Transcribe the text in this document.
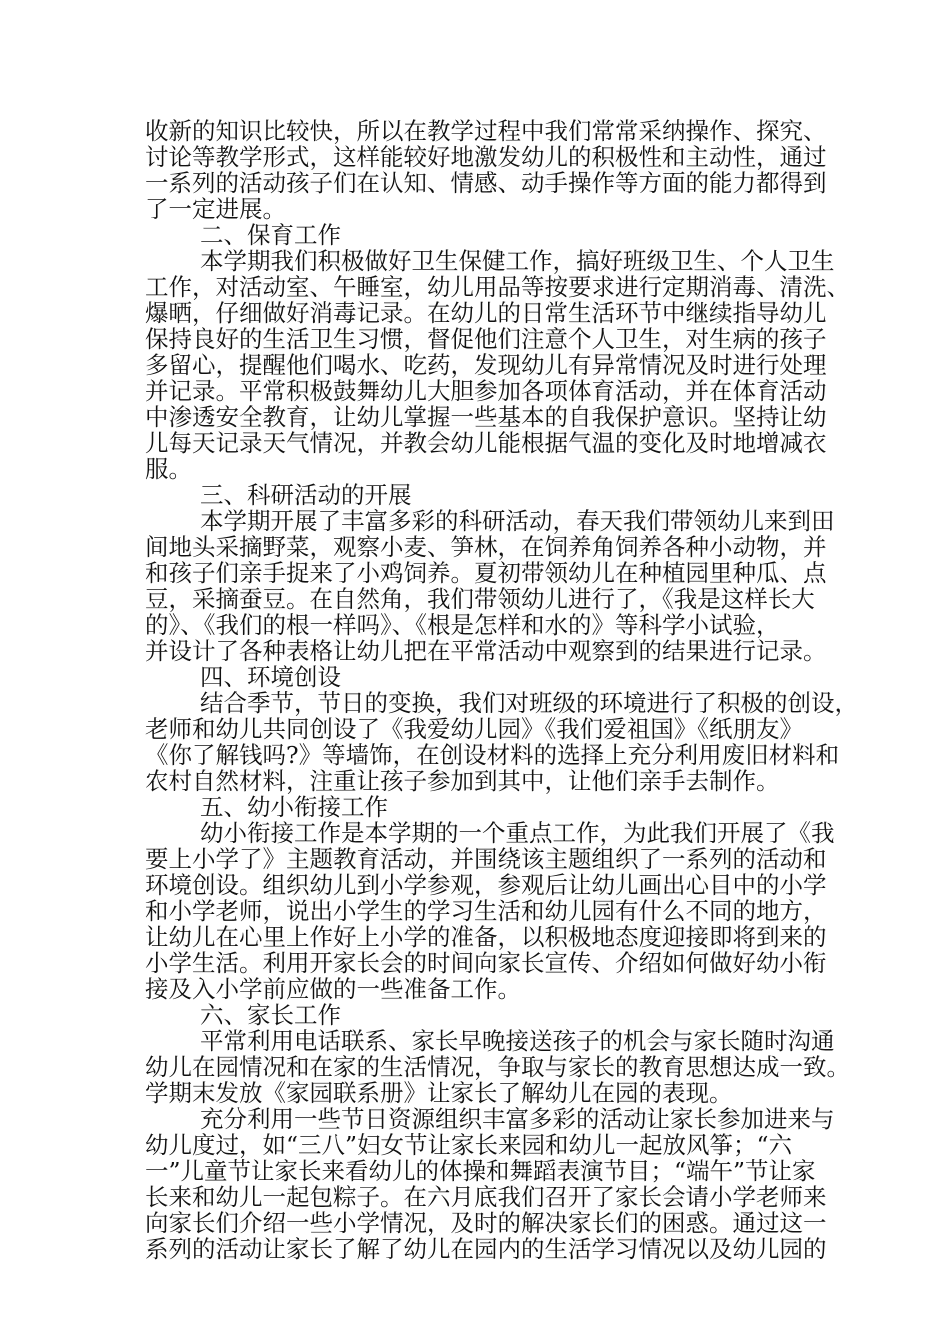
收新的知识比较快，所以在教学过程中我们常常采纳操作、探究、
讨论等教学形式，这样能较好地激发幼儿的积极性和主动性，通过
一系列的活动孩子们在认知、情感、动手操作等方面的能力都得到
了一定进展。
二、保育工作
本学期我们积极做好卫生保健工作，搞好班级卫生、个人卫生
工作，对活动室、午睡室，幼儿用品等按要求进行定期消毒、清洗、
爆晒，仔细做好消毒记录。在幼儿的日常生活环节中继续指导幼儿
保持良好的生活卫生习惯，督促他们注意个人卫生，对生病的孩子
多留心，提醒他们喝水、吃药，发现幼儿有异常情况及时进行处理
并记录。平常积极鼓舞幼儿大胆参加各项体育活动，并在体育活动
中渗透安全教育，让幼儿掌握一些基本的自我保护意识。坚持让幼
儿每天记录天气情况，并教会幼儿能根据气温的变化及时地增减衣
服。
三、科研活动的开展
本学期开展了丰富多彩的科研活动，春天我们带领幼儿来到田
间地头采摘野菜，观察小麦、笋林，在饲养角饲养各种小动物，并
和孩子们亲手捉来了小鸡饲养。夏初带领幼儿在种植园里种瓜、点
豆，采摘蚕豆。在自然角，我们带领幼儿进行了，《我是这样长大
的》、《我们的根一样吗》、《根是怎样和水的》等科学小试验，
并设计了各种表格让幼儿把在平常活动中观察到的结果进行记录。
四、环境创设
结合季节，节日的变换，我们对班级的环境进行了积极的创设，
老师和幼儿共同创设了《我爱幼儿园》《我们爱祖国》《纸朋友》
《你了解钱吗?》等墙饰，在创设材料的选择上充分利用废旧材料和
农村自然材料，注重让孩子参加到其中，让他们亲手去制作。
五、幼小衔接工作
幼小衔接工作是本学期的一个重点工作，为此我们开展了《我
要上小学了》主题教育活动，并围绕该主题组织了一系列的活动和
环境创设。组织幼儿到小学参观，参观后让幼儿画出心目中的小学
和小学老师，说出小学生的学习生活和幼儿园有什么不同的地方，
让幼儿在心里上作好上小学的准备，以积极地态度迎接即将到来的
小学生活。利用开家长会的时间向家长宣传、介绍如何做好幼小衔
接及入小学前应做的一些准备工作。
六、家长工作
平常利用电话联系、家长早晚接送孩子的机会与家长随时沟通
幼儿在园情况和在家的生活情况，争取与家长的教育思想达成一致。
学期末发放《家园联系册》让家长了解幼儿在园的表现。
充分利用一些节日资源组织丰富多彩的活动让家长参加进来与
幼儿度过，如“三八”妇女节让家长来园和幼儿一起放风筝；“六
一”儿童节让家长来看幼儿的体操和舞蹈表演节目；“端午”节让家
长来和幼儿一起包粽子。在六月底我们召开了家长会请小学老师来
向家长们介绍一些小学情况，及时的解决家长们的困惑。通过这一
系列的活动让家长了解了幼儿在园内的生活学习情况以及幼儿园的
